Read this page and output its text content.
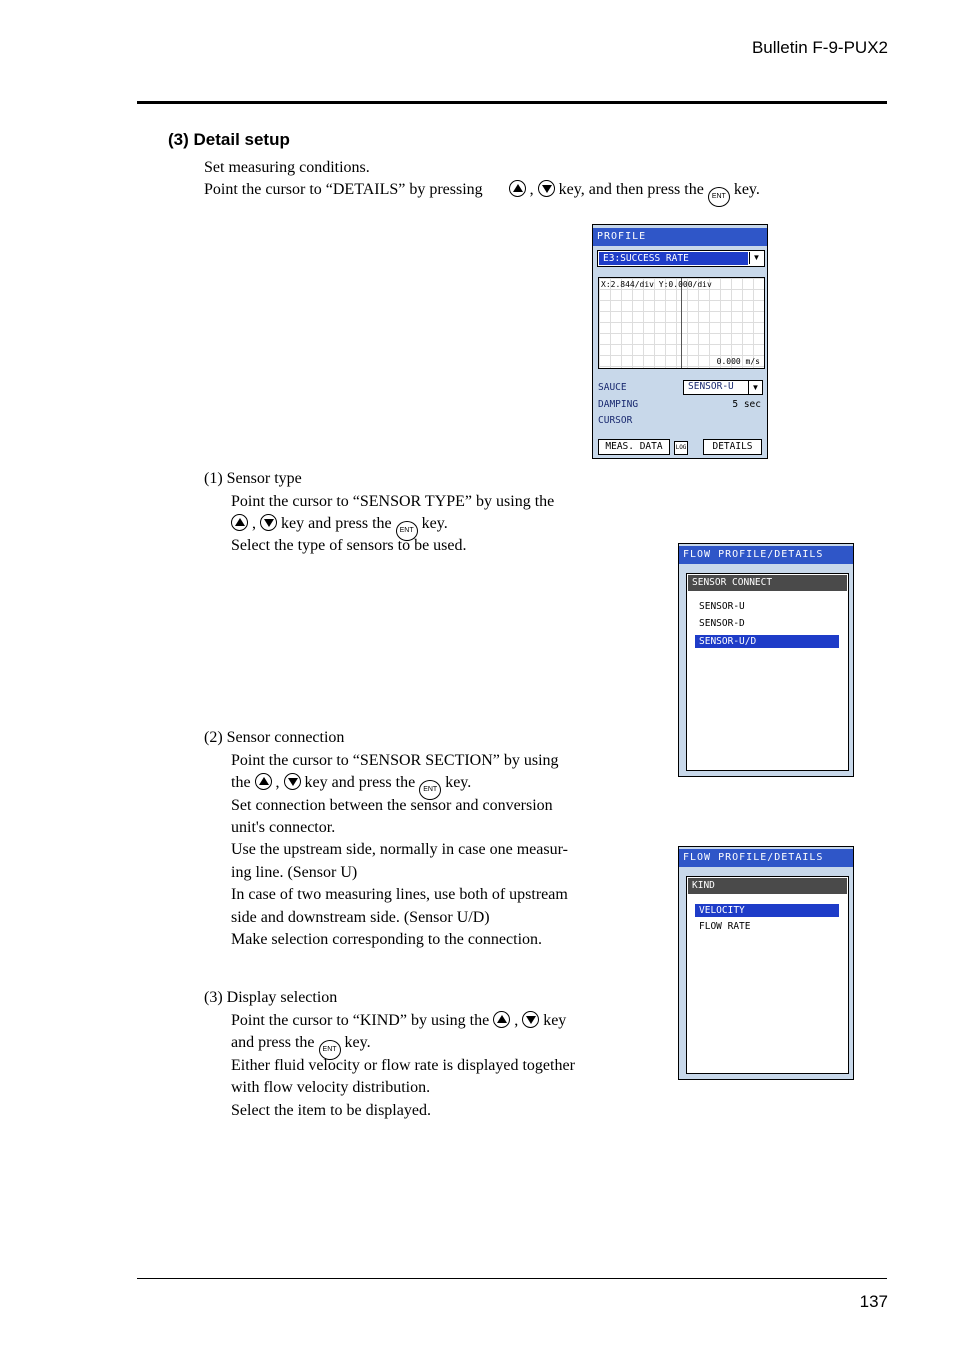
Bulletin F-9-PUX2
(3) Detail setup
Set measuring conditions.
Point the cursor to “DETAILS” by pressing	, key, and then press the ENT key.
PROFILE
E3:SUCCESS RATE	▼
X:2.844/div Y:0.000/div
0.000 m/s
SAUCE	SENSOR-U	▼
DAMPING	5 sec
CURSOR
MEAS. DATA	LOG	DETAILS
(1) Sensor type
Point the cursor to “SENSOR TYPE” by using the
, key and press the ENT key.
Select the type of sensors to be used.
FLOW PROFILE/DETAILS
SENSOR CONNECT
SENSOR-U
SENSOR-D
SENSOR-U/D
(2) Sensor connection
Point the cursor to “SENSOR SECTION” by using
the , key and press the ENT key.
Set connection between the sensor and conversion
unit's connector.
Use the upstream side, normally in case one measur-
ing line. (Sensor U)
In case of two measuring lines, use both of upstream
side and downstream side. (Sensor U/D)
Make selection corresponding to the connection.
FLOW PROFILE/DETAILS
KIND
VELOCITY
FLOW RATE
(3) Display selection
Point the cursor to “KIND” by using the , key
and press the ENT key.
Either fluid velocity or flow rate is displayed together
with flow velocity distribution.
Select the item to be displayed.
137
